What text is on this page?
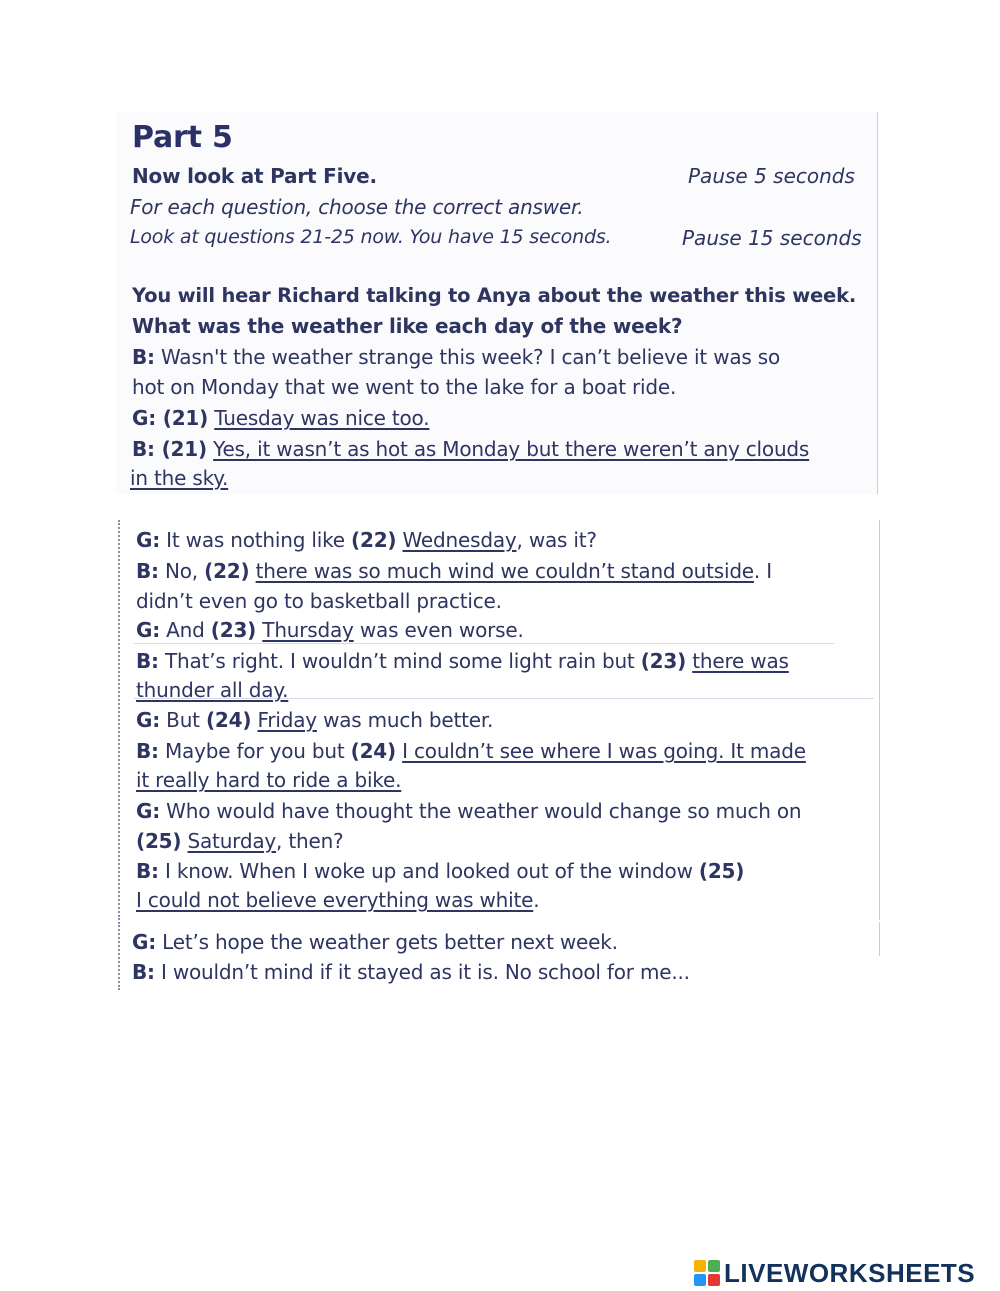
Part 5
Now look at Part Five.	Pause 5 seconds
For each question, choose the correct answer.
Look at questions 21-25 now. You have 15 seconds.	Pause 15 seconds
You will hear Richard talking to Anya about the weather this week.
What was the weather like each day of the week?
B: Wasn't the weather strange this week? I can’t believe it was so
hot on Monday that we went to the lake for a boat ride.
G: (21) Tuesday was nice too.
B: (21) Yes, it wasn’t as hot as Monday but there weren’t any clouds
in the sky.
G: It was nothing like (22) Wednesday, was it?
B: No, (22) there was so much wind we couldn’t stand outside. I
didn’t even go to basketball practice.
G: And (23) Thursday was even worse.
B: That’s right. I wouldn’t mind some light rain but (23) there was
thunder all day.
G: But (24) Friday was much better.
B: Maybe for you but (24) I couldn’t see where I was going. It made
it really hard to ride a bike.
G: Who would have thought the weather would change so much on
(25) Saturday, then?
B: I know. When I woke up and looked out of the window (25)
I could not believe everything was white.
G: Let’s hope the weather gets better next week.
B: I wouldn’t mind if it stayed as it is. No school for me...
LIVEWORKSHEETS
